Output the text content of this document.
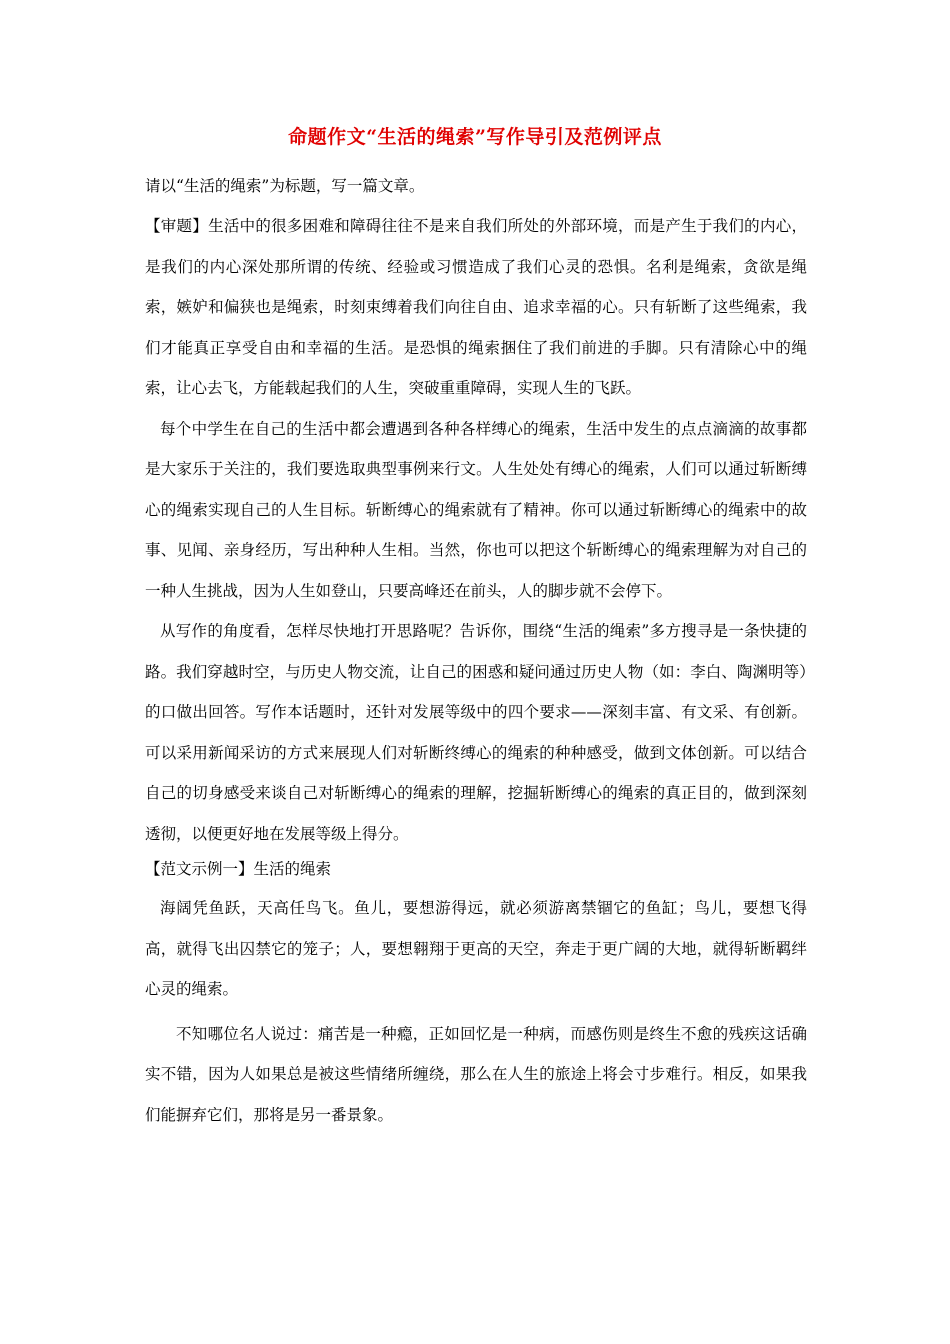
命题作文“生活的绳索”写作导引及范例评点

请以“生活的绳索”为标题，写一篇文章。

【审题】生活中的很多困难和障碍往往不是来自我们所处的外部环境，而是产生于我们的内心，是我们的内心深处那所谓的传统、经验或习惯造成了我们心灵的恐惧。名利是绳索，贪欲是绳索，嫉妒和偏狭也是绳索，时刻束缚着我们向往自由、追求幸福的心。只有斩断了这些绳索，我们才能真正享受自由和幸福的生活。是恐惧的绳索捆住了我们前进的手脚。只有清除心中的绳索，让心去飞，方能载起我们的人生，突破重重障碍，实现人生的飞跃。

每个中学生在自己的生活中都会遭遇到各种各样缚心的绳索，生活中发生的点点滴滴的故事都是大家乐于关注的，我们要选取典型事例来行文。人生处处有缚心的绳索，人们可以通过斩断缚心的绳索实现自己的人生目标。斩断缚心的绳索就有了精神。你可以通过斩断缚心的绳索中的故事、见闻、亲身经历，写出种种人生相。当然，你也可以把这个斩断缚心的绳索理解为对自己的一种人生挑战，因为人生如登山，只要高峰还在前头，人的脚步就不会停下。

从写作的角度看，怎样尽快地打开思路呢？告诉你，围绕“生活的绳索”多方搜寻是一条快捷的路。我们穿越时空，与历史人物交流，让自己的困惑和疑问通过历史人物（如：李白、陶渊明等）的口做出回答。写作本话题时，还针对发展等级中的四个要求——深刻丰富、有文采、有创新。可以采用新闻采访的方式来展现人们对斩断终缚心的绳索的种种感受，做到文体创新。可以结合自己的切身感受来谈自己对斩断缚心的绳索的理解，挖掘斩断缚心的绳索的真正目的，做到深刻透彻，以便更好地在发展等级上得分。

【范文示例一】生活的绳索

海阔凭鱼跃，天高任鸟飞。鱼儿，要想游得远，就必须游离禁锢它的鱼缸；鸟儿，要想飞得高，就得飞出囚禁它的笼子；人，要想翱翔于更高的天空，奔走于更广阔的大地，就得斩断羁绊心灵的绳索。

不知哪位名人说过：痛苦是一种瘾，正如回忆是一种病，而感伤则是终生不愈的残疾这话确实不错，因为人如果总是被这些情绪所缠绕，那么在人生的旅途上将会寸步难行。相反，如果我们能摒弃它们，那将是另一番景象。
